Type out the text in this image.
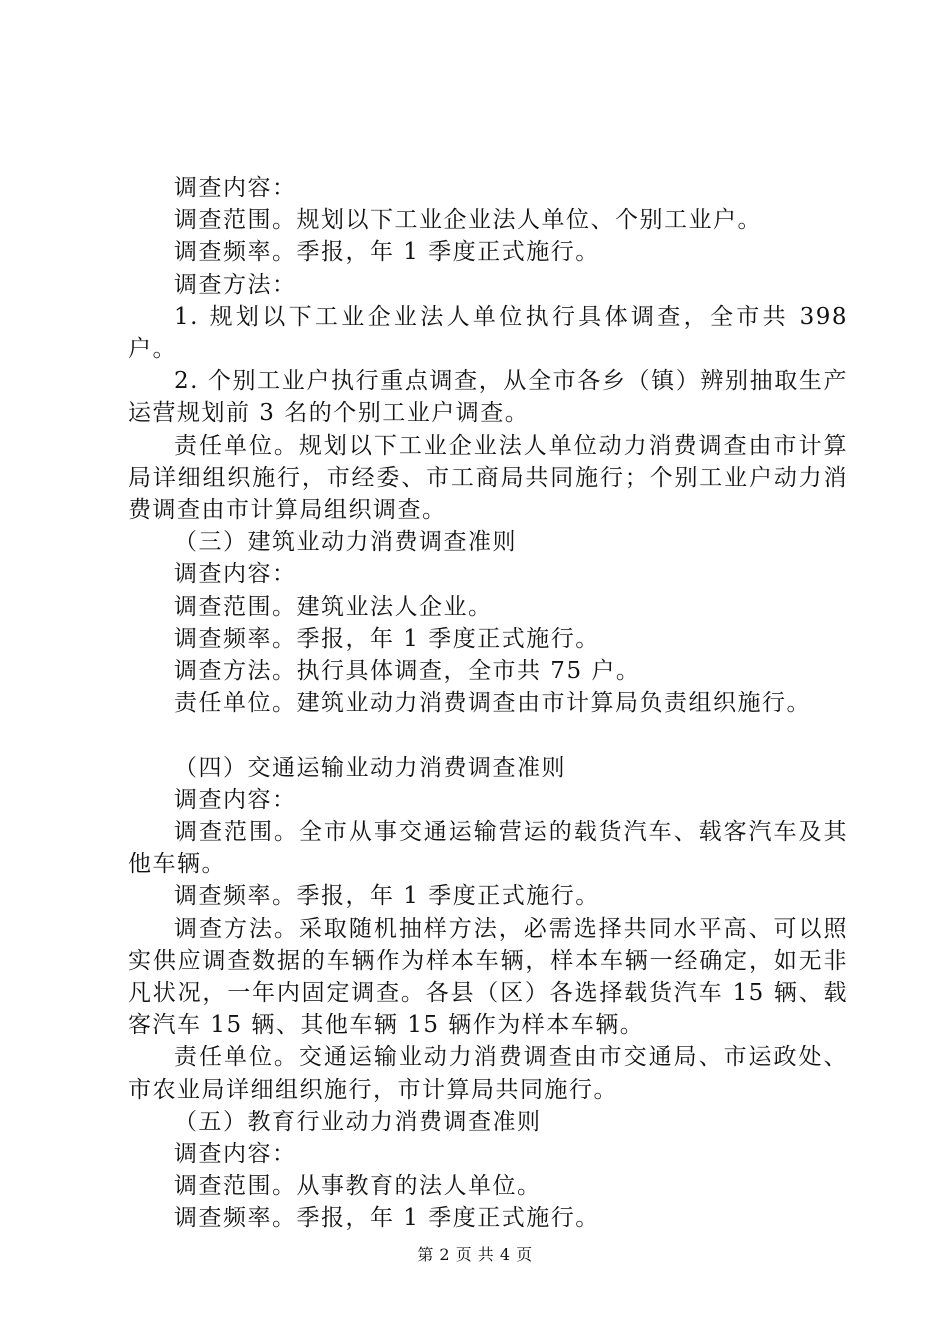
调查内容：

调查范围。规划以下工业企业法人单位、个别工业户。

调查频率。季报，年 1 季度正式施行。

调查方法：

1. 规划以下工业企业法人单位执行具体调查，全市共 398 户。

2. 个别工业户执行重点调查，从全市各乡（镇）辨别抽取生产运营规划前 3 名的个别工业户调查。

责任单位。规划以下工业企业法人单位动力消费调查由市计算局详细组织施行，市经委、市工商局共同施行；个别工业户动力消费调查由市计算局组织调查。

（三）建筑业动力消费调查准则

调查内容：

调查范围。建筑业法人企业。

调查频率。季报，年 1 季度正式施行。

调查方法。执行具体调查，全市共 75 户。

责任单位。建筑业动力消费调查由市计算局负责组织施行。

（四）交通运输业动力消费调查准则

调查内容：

调查范围。全市从事交通运输营运的载货汽车、载客汽车及其他车辆。

调查频率。季报，年 1 季度正式施行。

调查方法。采取随机抽样方法，必需选择共同水平高、可以照实供应调查数据的车辆作为样本车辆，样本车辆一经确定，如无非凡状况，一年内固定调查。各县（区）各选择载货汽车 15 辆、载客汽车 15 辆、其他车辆 15 辆作为样本车辆。

责任单位。交通运输业动力消费调查由市交通局、市运政处、市农业局详细组织施行，市计算局共同施行。

（五）教育行业动力消费调查准则

调查内容：

调查范围。从事教育的法人单位。

调查频率。季报，年 1 季度正式施行。

第 2 页 共 4 页
